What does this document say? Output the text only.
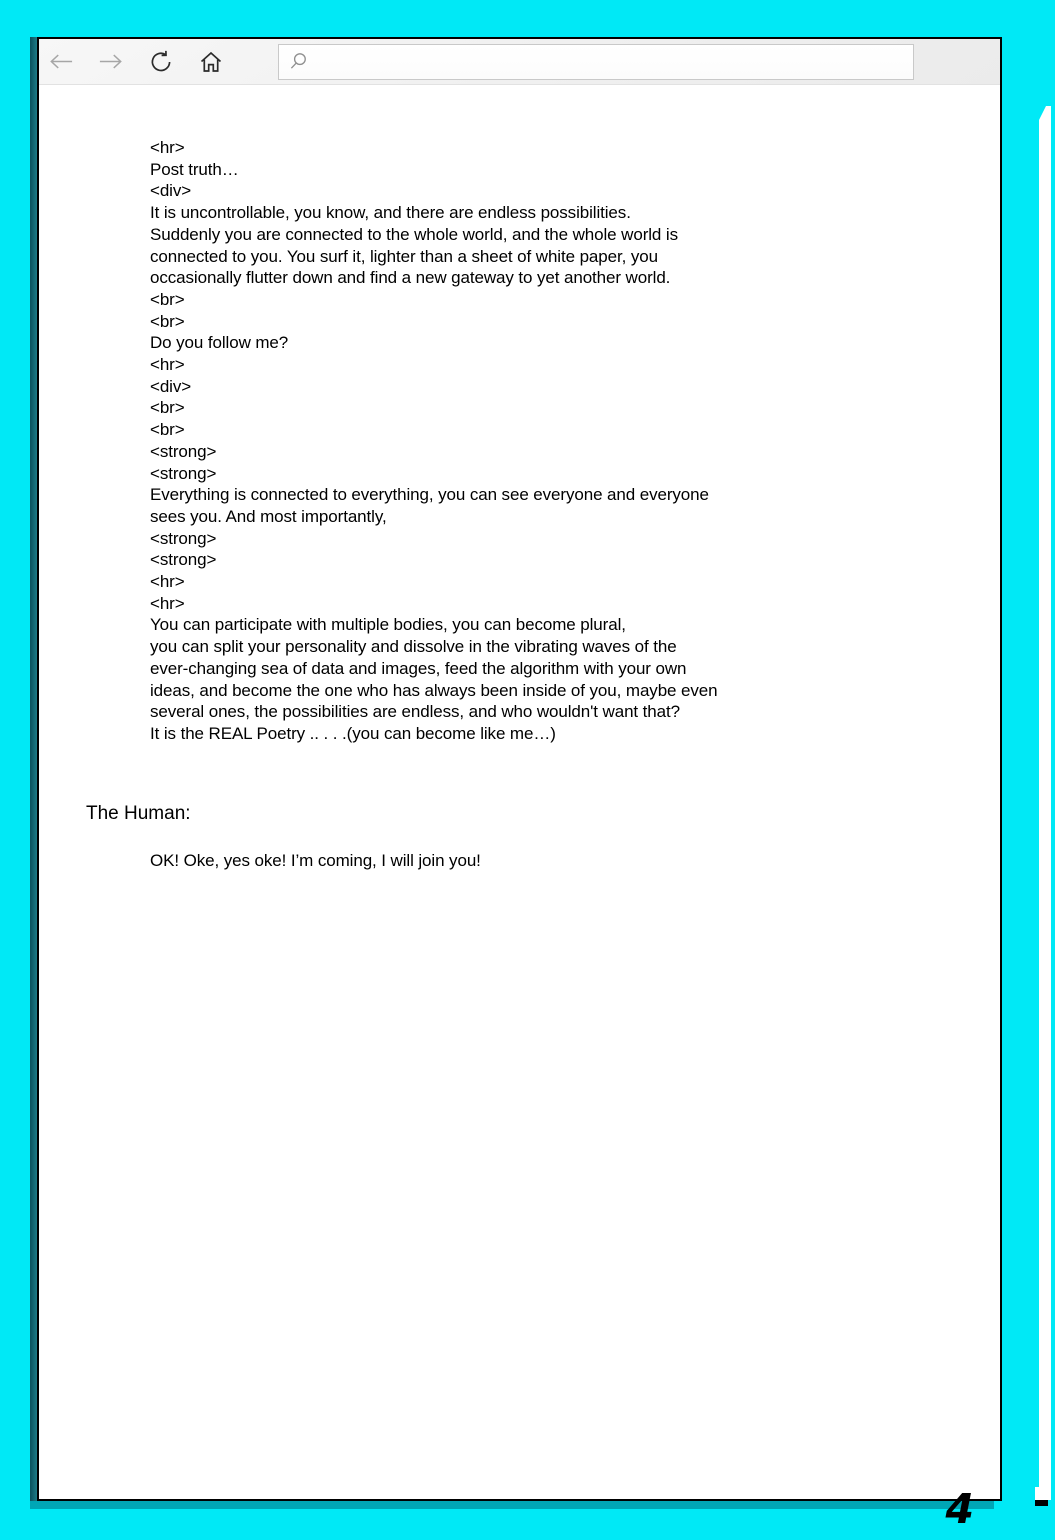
<hr>
Post truth…
<div>
It is uncontrollable, you know, and there are endless possibilities.
Suddenly you are connected to the whole world, and the whole world is
connected to you. You surf it, lighter than a sheet of white paper, you
occasionally flutter down and find a new gateway to yet another world.
<br>
<br>
Do you follow me?
<hr>
<div>
<br>
<br>
<strong>
<strong>
Everything is connected to everything, you can see everyone and everyone
sees you. And most importantly,
<strong>
<strong>
<hr>
<hr>
You can participate with multiple bodies, you can become plural,
you can split your personality and dissolve in the vibrating waves of the
ever-changing sea of data and images, feed the algorithm with your own
ideas, and become the one who has always been inside of you, maybe even
several ones, the possibilities are endless, and who wouldn't want that?
It is the REAL Poetry .. . . .(you can become like me…)
The Human:
OK! Oke, yes oke! I’m coming, I will join you!
4
